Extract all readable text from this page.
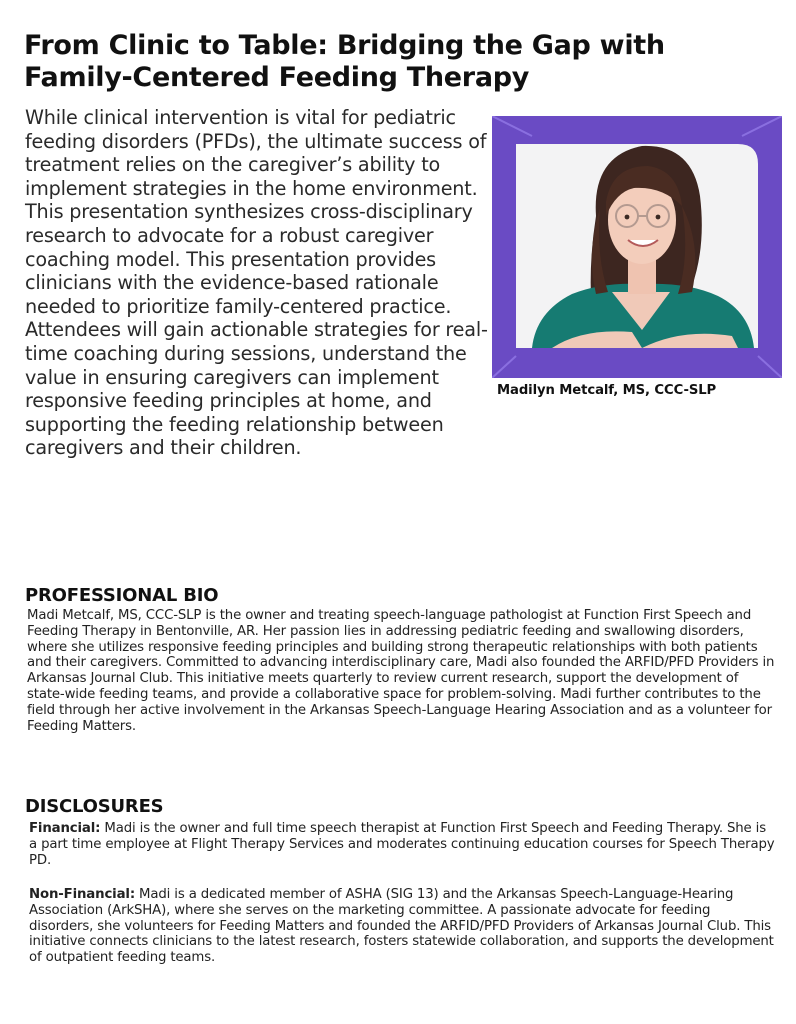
From Clinic to Table: Bridging the Gap with
Family-Centered Feeding Therapy

While clinical intervention is vital for pediatric feeding disorders (PFDs), the ultimate success of treatment relies on the caregiver’s ability to implement strategies in the home environment. This presentation synthesizes cross-disciplinary research to advocate for a robust caregiver coaching model. This presentation provides clinicians with the evidence-based rationale needed to prioritize family-centered practice. Attendees will gain actionable strategies for real-time coaching during sessions, understand the value in ensuring caregivers can implement responsive feeding principles at home, and supporting the feeding relationship between caregivers and their children.

Madilyn Metcalf, MS, CCC-SLP

PROFESSIONAL BIO

Madi Metcalf, MS, CCC-SLP is the owner and treating speech-language pathologist at Function First Speech and Feeding Therapy in Bentonville, AR. Her passion lies in addressing pediatric feeding and swallowing disorders, where she utilizes responsive feeding principles and building strong therapeutic relationships with both patients and their caregivers. Committed to advancing interdisciplinary care, Madi also founded the ARFID/PFD Providers in Arkansas Journal Club. This initiative meets quarterly to review current research, support the development of state-wide feeding teams, and provide a collaborative space for problem-solving. Madi further contributes to the field through her active involvement in the Arkansas Speech-Language Hearing Association and as a volunteer for Feeding Matters.

DISCLOSURES

Financial: Madi is the owner and full time speech therapist at Function First Speech and Feeding Therapy. She is a part time employee at Flight Therapy Services and moderates continuing education courses for Speech Therapy PD.

Non-Financial: Madi is a dedicated member of ASHA (SIG 13) and the Arkansas Speech-Language-Hearing Association (ArkSHA), where she serves on the marketing committee. A passionate advocate for feeding disorders, she volunteers for Feeding Matters and founded the ARFID/PFD Providers of Arkansas Journal Club. This initiative connects clinicians to the latest research, fosters statewide collaboration, and supports the development of outpatient feeding teams.
